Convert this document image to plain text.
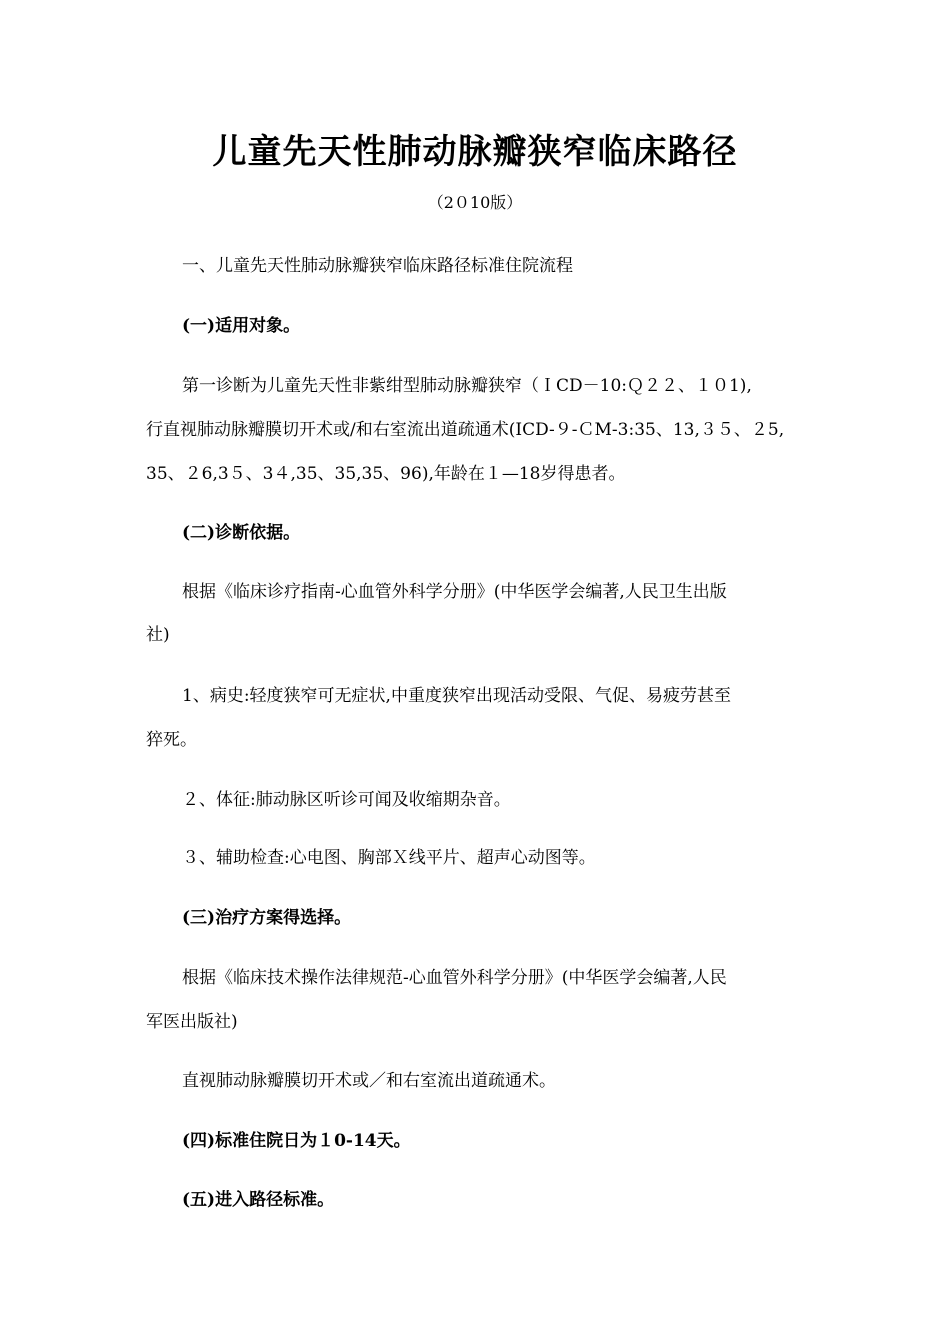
儿童先天性肺动脉瓣狭窄临床路径

（2０10版）

一、儿童先天性肺动脉瓣狭窄临床路径标准住院流程

(一)适用对象。

第一诊断为儿童先天性非紫绀型肺动脉瓣狭窄（ＩCD－10:Ｑ２２、１０1),

行直视肺动脉瓣膜切开术或/和右室流出道疏通术(ICD-９-ＣM-3:35、13,３５、２5,

35、２6,3５、3４,35、35,35、96),年龄在１—18岁得患者。

(二)诊断依据。

根据《临床诊疗指南-心血管外科学分册》(中华医学会编著,人民卫生出版

社)

1、病史:轻度狭窄可无症状,中重度狭窄出现活动受限、气促、易疲劳甚至

猝死。

２、体征:肺动脉区听诊可闻及收缩期杂音。

３、辅助检查:心电图、胸部Ｘ线平片、超声心动图等。

(三)治疗方案得选择。

根据《临床技术操作法律规范-心血管外科学分册》(中华医学会编著,人民

军医出版社)

直视肺动脉瓣膜切开术或／和右室流出道疏通术。

(四)标准住院日为１0-14天。

(五)进入路径标准。
